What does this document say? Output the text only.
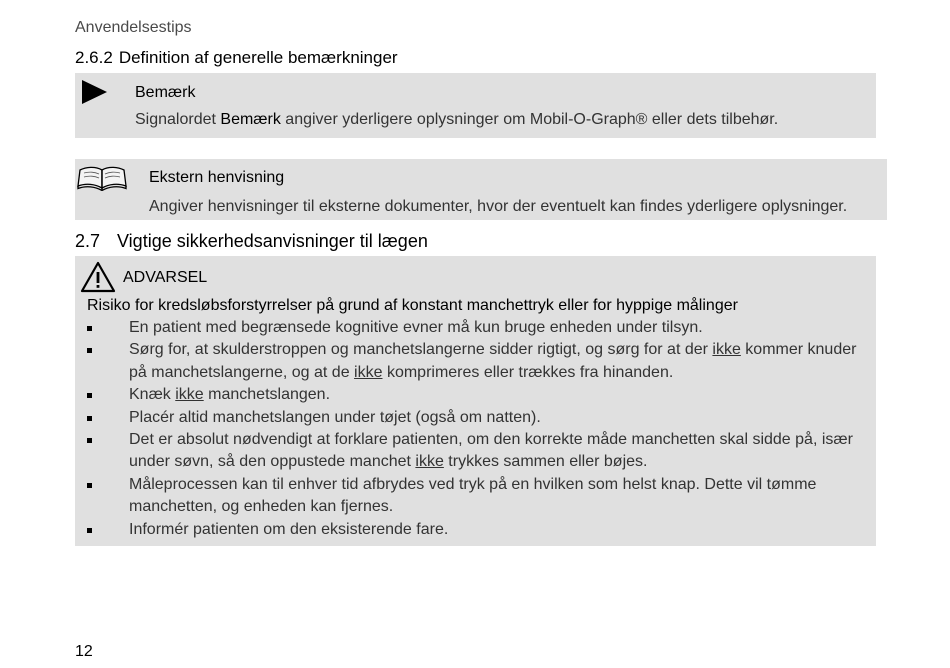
Anvendelsestips
2.6.2 Definition af generelle bemærkninger
Bemærk
Signalordet Bemærk angiver yderligere oplysninger om Mobil-O-Graph® eller dets tilbehør.
Ekstern henvisning
Angiver henvisninger til eksterne dokumenter, hvor der eventuelt kan findes yderligere oplysninger.
2.7 Vigtige sikkerhedsanvisninger til lægen
ADVARSEL
Risiko for kredsløbsforstyrrelser på grund af konstant manchettryk eller for hyppige målinger
En patient med begrænsede kognitive evner må kun bruge enheden under tilsyn.
Sørg for, at skulderstroppen og manchetslangerne sidder rigtigt, og sørg for at der ikke kommer knuder på manchetslangerne, og at de ikke komprimeres eller trækkes fra hinanden.
Knæk ikke manchetslangen.
Placér altid manchetslangen under tøjet (også om natten).
Det er absolut nødvendigt at forklare patienten, om den korrekte måde manchetten skal sidde på, især under søvn, så den oppustede manchet ikke trykkes sammen eller bøjes.
Måleprocessen kan til enhver tid afbrydes ved tryk på en hvilken som helst knap. Dette vil tømme manchetten, og enheden kan fjernes.
Informér patienten om den eksisterende fare.
12
